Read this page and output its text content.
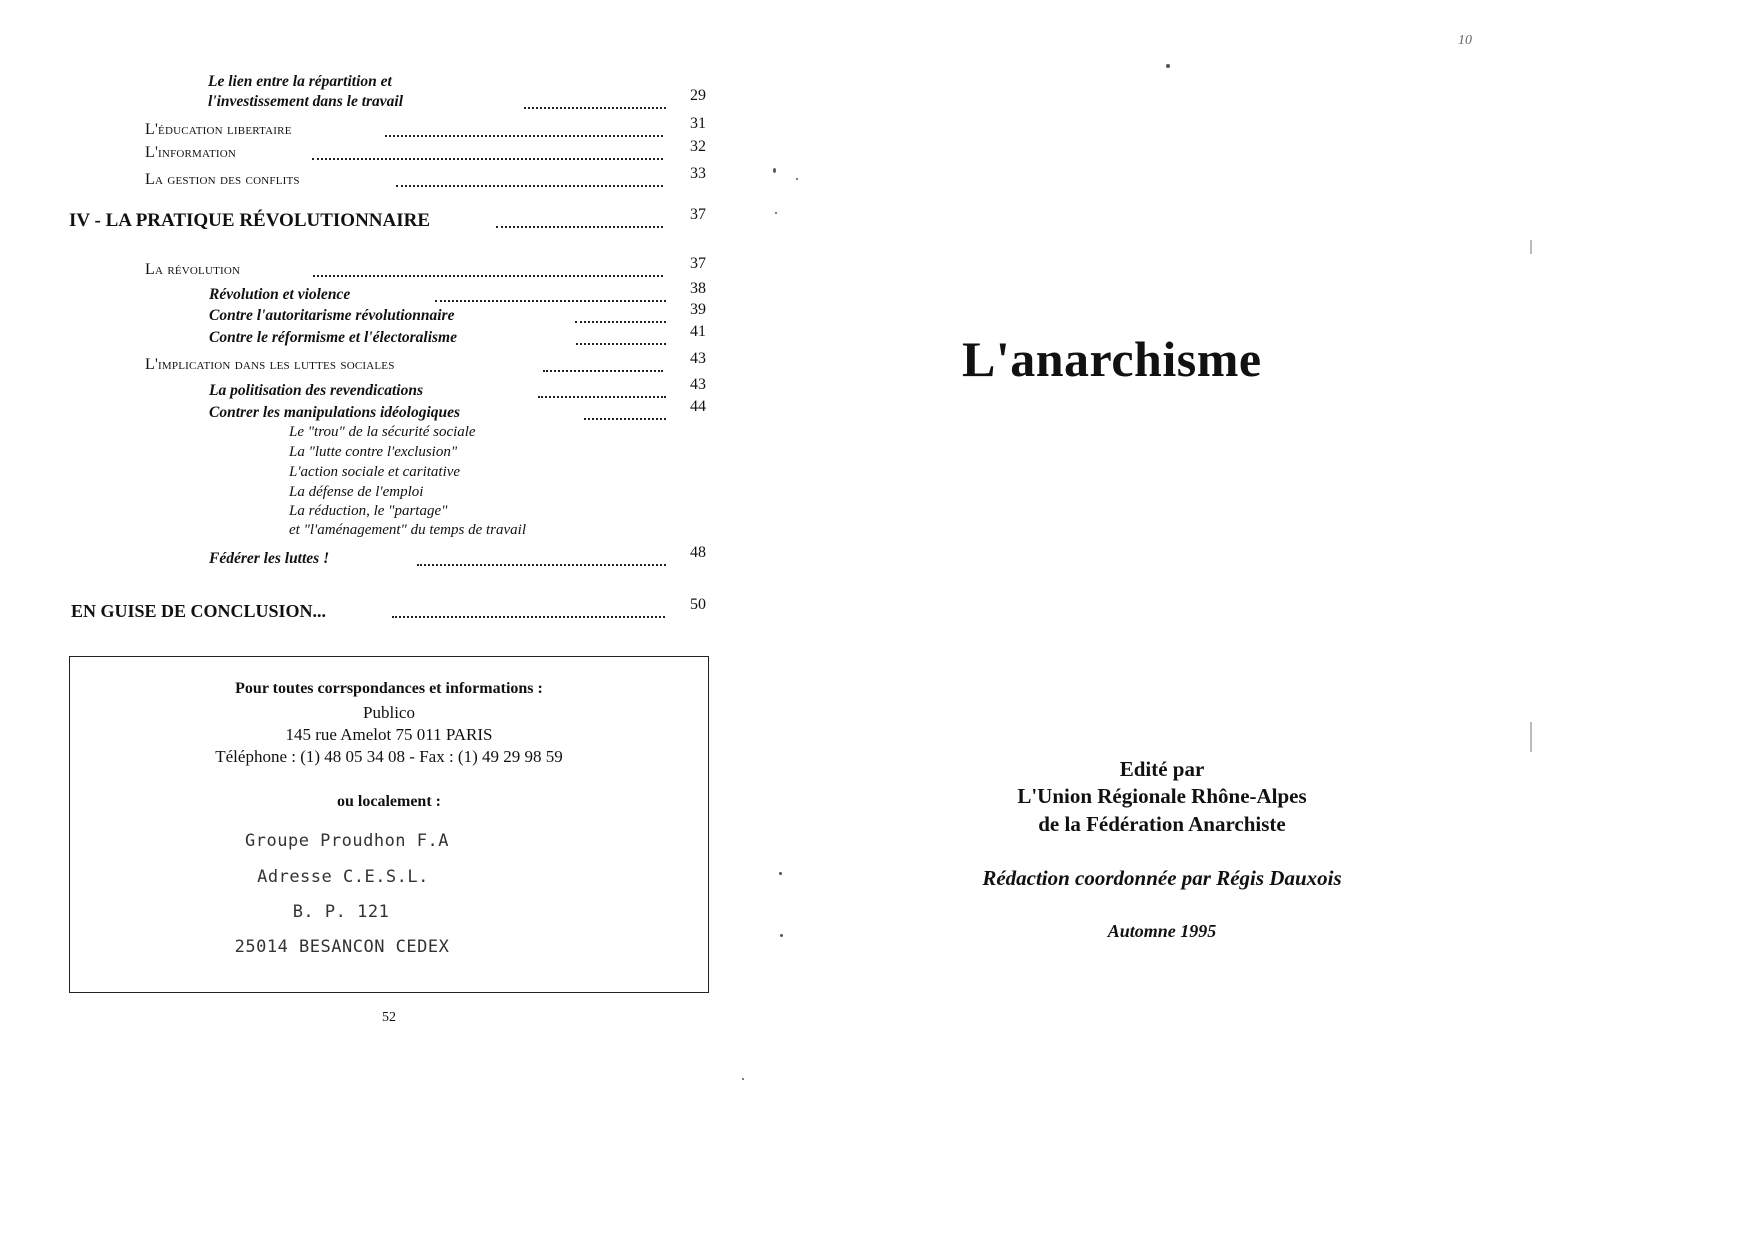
Le lien entre la répartition et
l'investissement dans le travail	29
L'éducation libertaire	31
L'information	32
La gestion des conflits	33
IV - LA PRATIQUE RÉVOLUTIONNAIRE	37
La révolution	37
Révolution et violence	38
Contre l'autoritarisme révolutionnaire	39
Contre le réformisme et l'électoralisme	41
L'implication dans les luttes sociales	43
La politisation des revendications	43
Contrer les manipulations idéologiques	44
Le "trou" de la sécurité sociale
La "lutte contre l'exclusion"
L'action sociale et caritative
La défense de l'emploi
La réduction, le "partage"
et "l'aménagement" du temps de travail
Fédérer les luttes !	48
EN GUISE DE CONCLUSION...	50
Pour toutes corrspondances et informations :
Publico
145 rue Amelot 75 011 PARIS
Téléphone : (1) 48 05 34 08 - Fax : (1) 49 29 98 59
ou localement :
Groupe Proudhon F.A
Adresse C.E.S.L.
B. P. 121
25014 BESANCON CEDEX
52
10
L'anarchisme
Edité par
L'Union Régionale Rhône-Alpes
de la Fédération Anarchiste
Rédaction coordonnée par Régis Dauxois
Automne 1995
